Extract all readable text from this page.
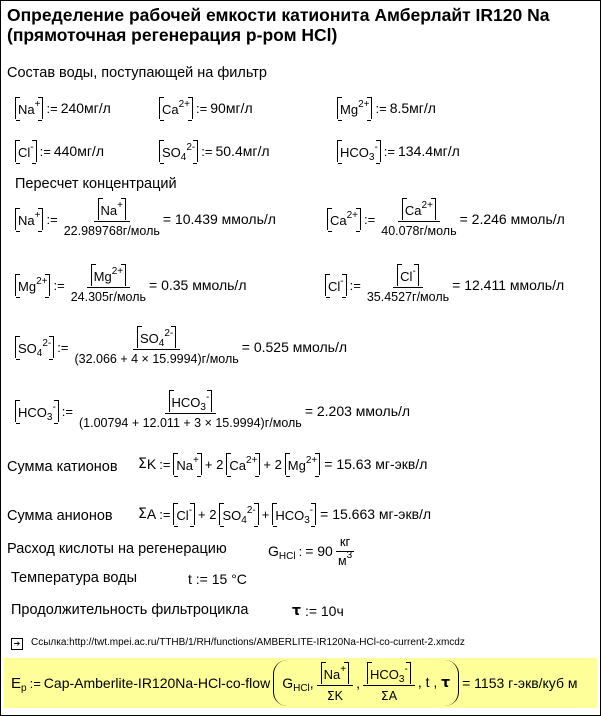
Определение рабочей емкости катионита Амберлайт IR120 Na
(прямоточная регенерация р-ром HCl)
Состав воды, поступающей на фильтр
Na+ := 240мг/л	$Ca^{2+}$ := 90мг/л	$Mg^{2+}$ := 8.5мг/л
Cl- := 440мг/л	$SO_4^{2-}$ := 50.4мг/л	$HCO_3^-$ := 134.4мг/л
Пересчет концентраций
Na+ := $\frac{Na^+}{\text{22.989768г/моль}} = 10.439$ ммоль/л	$Ca^{2+}$ := $\frac{Ca^{2+}}{\text{40.078г/моль}} = 2.246$ ммоль/л
$Mg^{2+}$ := $\frac{Mg^{2+}}{\text{24.305г/моль}} = 0.35$ ммоль/л	Cl- := $\frac{Cl^-}{\text{35.4527г/моль}} = 12.411$ ммоль/л
$SO_4^{2-}$ := $\frac{SO_4^{2-}}{\text{(32.066 + 4 × 15.9994)г/моль}} = 0.525$ ммоль/л
$HCO_3^-$ := $\frac{HCO_3^-}{\text{(1.00794 + 12.011 + 3 × 15.9994)г/моль}} = 2.203$ ммоль/л
Сумма катионов Σ K := Na+ + 2 $Ca^{2+} + 2$ $Mg^{2+} = 15.63$ мг-экв/л
Сумма анионов Σ A := Cl- + 2 $SO_4^{2-} + HCO_3^- = 15.663$ мг-экв/л
Расход кислоты на регенерацию	$G_{HCl}$ : = $90 \frac{кг}{м^3}$
Температура воды	t := 15 °C
Продолжительность фильтроцикла	τ := 10ч
➔ Ссылка:http://twt.mpei.ac.ru/TTHB/1/RH/functions/AMBERLITE-IR120Na-HCl-co-current-2.xmcdz
$E_p$ := Cap-Amberlite-IR120Na-HCl-co-flow $G_{HCl}$, $\frac{Na^+}{\Sigma K}$ , $\frac{HCO_3^-}{\Sigma A}$ , t , τ = 1153 г-экв/куб м
